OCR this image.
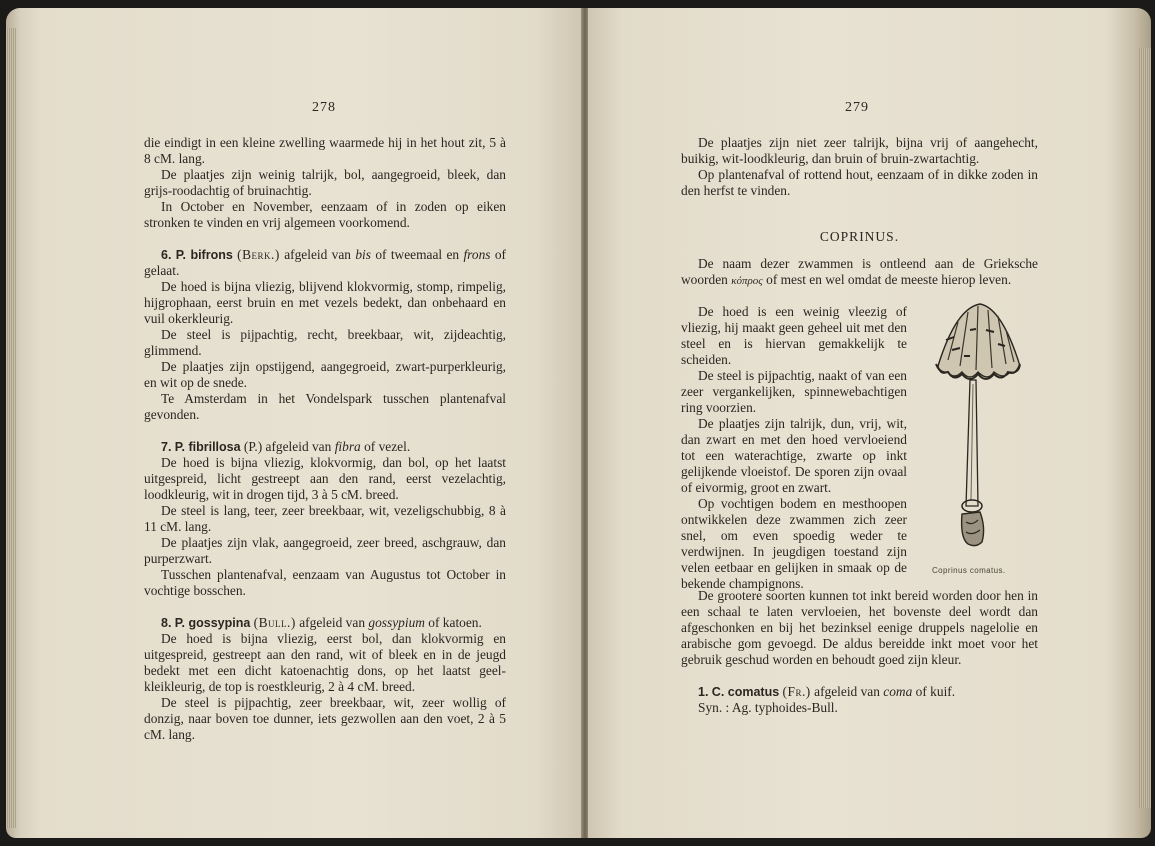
278

die eindigt in een kleine zwelling waarmede hij in het hout zit, 5 à 8 cM. lang.

De plaatjes zijn weinig talrijk, bol, aangegroeid, bleek, dan grijs-roodachtig of bruinachtig.

In October en November, eenzaam of in zoden op eiken stronken te vinden en vrij algemeen voorkomend.

6. P. bifrons (Berk.) afgeleid van bis of tweemaal en frons of gelaat.

De hoed is bijna vliezig, blijvend klokvormig, stomp, rimpelig, hijgrophaan, eerst bruin en met vezels bedekt, dan onbehaard en vuil okerkleurig.

De steel is pijpachtig, recht, breekbaar, wit, zijdeachtig, glimmend.

De plaatjes zijn opstijgend, aangegroeid, zwart-purperkleurig, en wit op de snede.

Te Amsterdam in het Vondelspark tusschen plantenafval gevonden.

7. P. fibrillosa (P.) afgeleid van fibra of vezel.

De hoed is bijna vliezig, klokvormig, dan bol, op het laatst uitgespreid, licht gestreept aan den rand, eerst vezelachtig, loodkleurig, wit in drogen tijd, 3 à 5 cM. breed.

De steel is lang, teer, zeer breekbaar, wit, vezeligschubbig, 8 à 11 cM. lang.

De plaatjes zijn vlak, aangegroeid, zeer breed, aschgrauw, dan purperzwart.

Tusschen plantenafval, eenzaam van Augustus tot October in vochtige bosschen.

8. P. gossypina (Bull.) afgeleid van gossypium of katoen.

De hoed is bijna vliezig, eerst bol, dan klokvormig en uitgespreid, gestreept aan den rand, wit of bleek en in de jeugd bedekt met een dicht katoenachtig dons, op het laatst geel-kleikleurig, de top is roestkleurig, 2 à 4 cM. breed.

De steel is pijpachtig, zeer breekbaar, wit, zeer wollig of donzig, naar boven toe dunner, iets gezwollen aan den voet, 2 à 5 cM. lang.

279

De plaatjes zijn niet zeer talrijk, bijna vrij of aangehecht, buikig, wit-loodkleurig, dan bruin of bruin-zwartachtig.

Op plantenafval of rottend hout, eenzaam of in dikke zoden in den herfst te vinden.

COPRINUS.

De naam dezer zwammen is ontleend aan de Grieksche woorden κόπρος of mest en wel omdat de meeste hierop leven.

De hoed is een weinig vleezig of vliezig, hij maakt geen geheel uit met den steel en is hiervan gemakkelijk te scheiden.

De steel is pijpachtig, naakt of van een zeer vergankelijken, spinnewebachtigen ring voorzien.

De plaatjes zijn talrijk, dun, vrij, wit, dan zwart en met den hoed vervloeiend tot een waterachtige, zwarte op inkt gelijkende vloeistof. De sporen zijn ovaal of eivormig, groot en zwart.

Op vochtigen bodem en mesthoopen ontwikkelen deze zwammen zich zeer snel, om even spoedig weder te verdwijnen. In jeugdigen toestand zijn velen eetbaar en gelijken in smaak op de bekende champignons.

Coprinus comatus.

De grootere soorten kunnen tot inkt bereid worden door hen in een schaal te laten vervloeien, het bovenste deel wordt dan afgeschonken en bij het bezinksel eenige druppels nagelolie en arabische gom gevoegd. De aldus bereidde inkt moet voor het gebruik geschud worden en behoudt goed zijn kleur.

1. C. comatus (Fr.) afgeleid van coma of kuif.

Syn. : Ag. typhoides-Bull.
